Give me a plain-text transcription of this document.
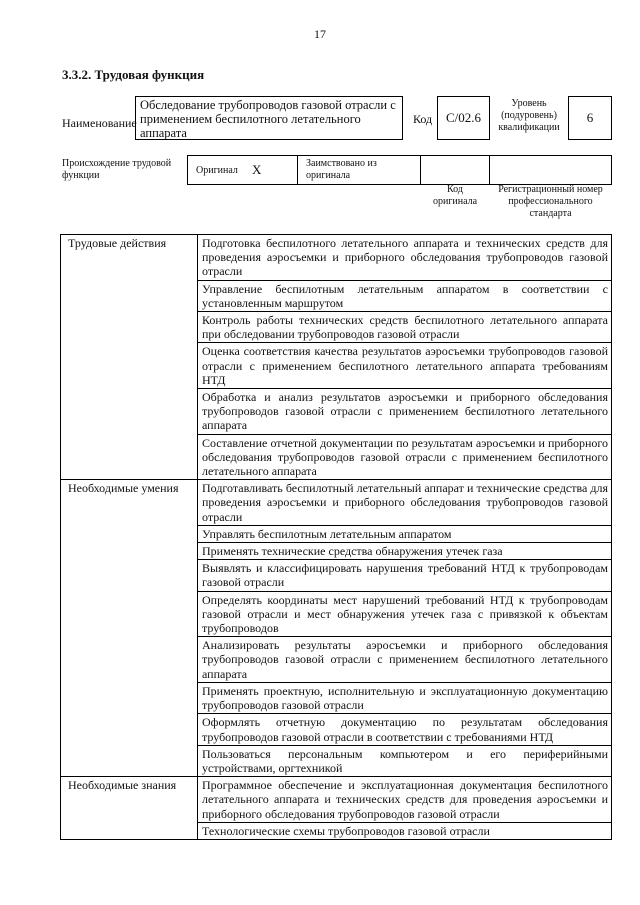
17
3.3.2. Трудовая функция
Наименование
Обследование трубопроводов газовой отрасли с применением беспилотного летательного аппарата
Код С/02.6
Уровень
(подуровень)
квалификации
6
Происхождение трудовой
функции	Оригинал X	Заимствовано из
оригинала
Код
оригинала
Регистрационный номер
профессионального
стандарта
Трудовые действия	Подготовка беспилотного летательного аппарата и технических средств для проведения аэросъемки и приборного обследования трубопроводов газовой отрасли
	Управление беспилотным летательным аппаратом в соответствии с установленным маршрутом
	Контроль работы технических средств беспилотного летательного аппарата при обследовании трубопроводов газовой отрасли
	Оценка соответствия качества результатов аэросъемки трубопроводов газовой отрасли с применением беспилотного летательного аппарата требованиям НТД
	Обработка и анализ результатов аэросъемки и приборного обследования трубопроводов газовой отрасли с применением беспилотного летательного аппарата
	Составление отчетной документации по результатам аэросъемки и приборного обследования трубопроводов газовой отрасли с применением беспилотного летательного аппарата
Необходимые умения	Подготавливать беспилотный летательный аппарат и технические средства для проведения аэросъемки и приборного обследования трубопроводов газовой отрасли
	Управлять беспилотным летательным аппаратом
	Применять технические средства обнаружения утечек газа
	Выявлять и классифицировать нарушения требований НТД к трубопроводам газовой отрасли
	Определять координаты мест нарушений требований НТД к трубопроводам газовой отрасли и мест обнаружения утечек газа с привязкой к объектам трубопроводов
	Анализировать результаты аэросъемки и приборного обследования трубопроводов газовой отрасли с применением беспилотного летательного аппарата
	Применять проектную, исполнительную и эксплуатационную документацию трубопроводов газовой отрасли
	Оформлять отчетную документацию по результатам обследования трубопроводов газовой отрасли в соответствии с требованиями НТД
	Пользоваться персональным компьютером и его периферийными устройствами, оргтехникой
Необходимые знания	Программное обеспечение и эксплуатационная документация беспилотного летательного аппарата и технических средств для проведения аэросъемки и приборного обследования трубопроводов газовой отрасли
	Технологические схемы трубопроводов газовой отрасли
